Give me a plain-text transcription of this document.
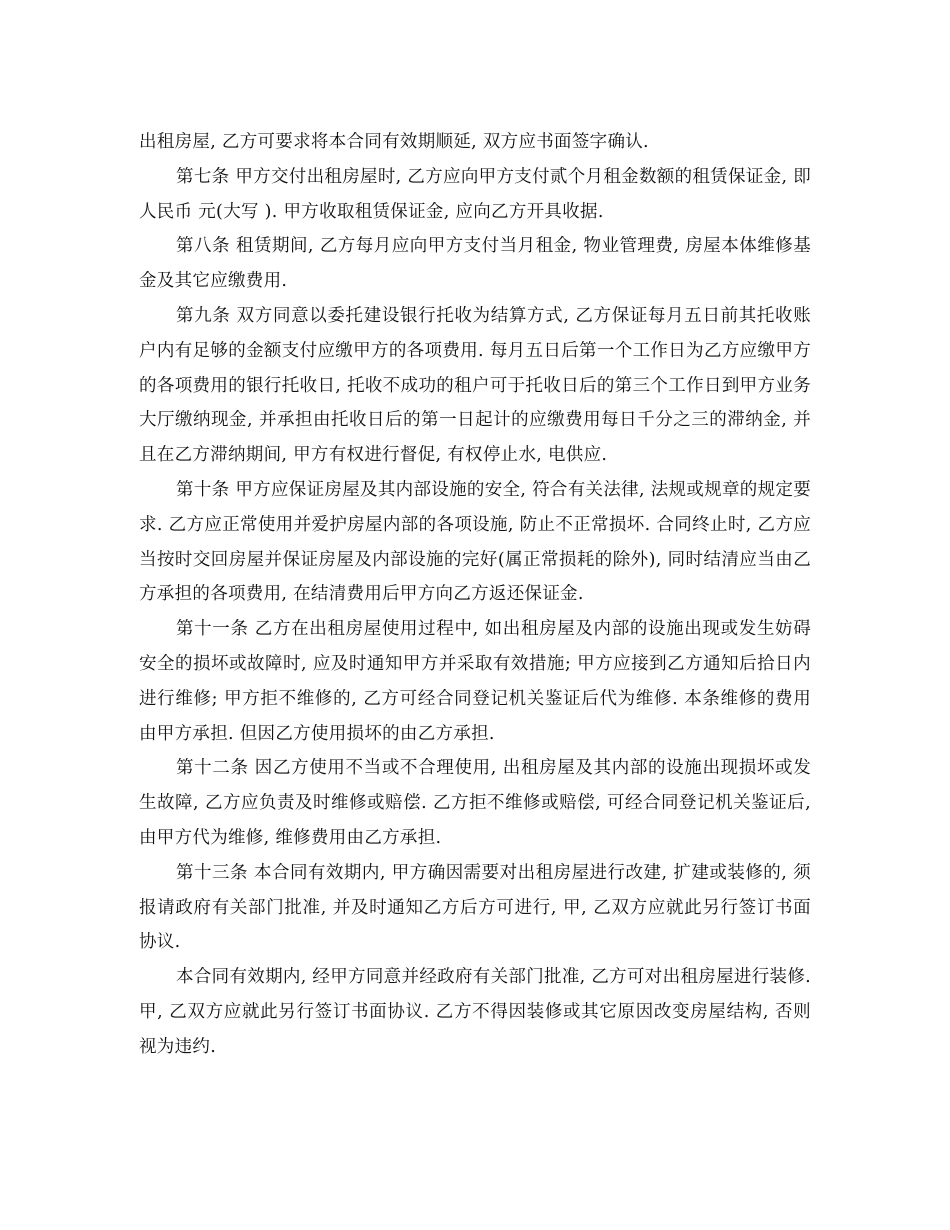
出租房屋, 乙方可要求将本合同有效期顺延, 双方应书面签字确认.

第七条 甲方交付出租房屋时, 乙方应向甲方支付贰个月租金数额的租赁保证金, 即人民币 元(大写 ). 甲方收取租赁保证金, 应向乙方开具收据.

第八条 租赁期间, 乙方每月应向甲方支付当月租金, 物业管理费, 房屋本体维修基金及其它应缴费用.

第九条 双方同意以委托建设银行托收为结算方式, 乙方保证每月五日前其托收账户内有足够的金额支付应缴甲方的各项费用. 每月五日后第一个工作日为乙方应缴甲方的各项费用的银行托收日, 托收不成功的租户可于托收日后的第三个工作日到甲方业务大厅缴纳现金, 并承担由托收日后的第一日起计的应缴费用每日千分之三的滞纳金, 并且在乙方滞纳期间, 甲方有权进行督促, 有权停止水, 电供应.

第十条 甲方应保证房屋及其内部设施的安全, 符合有关法律, 法规或规章的规定要求. 乙方应正常使用并爱护房屋内部的各项设施, 防止不正常损坏. 合同终止时, 乙方应当按时交回房屋并保证房屋及内部设施的完好(属正常损耗的除外), 同时结清应当由乙方承担的各项费用, 在结清费用后甲方向乙方返还保证金.

第十一条 乙方在出租房屋使用过程中, 如出租房屋及内部的设施出现或发生妨碍安全的损坏或故障时, 应及时通知甲方并采取有效措施; 甲方应接到乙方通知后拾日内进行维修; 甲方拒不维修的, 乙方可经合同登记机关鉴证后代为维修. 本条维修的费用由甲方承担. 但因乙方使用损坏的由乙方承担.

第十二条 因乙方使用不当或不合理使用, 出租房屋及其内部的设施出现损坏或发生故障, 乙方应负责及时维修或赔偿. 乙方拒不维修或赔偿, 可经合同登记机关鉴证后, 由甲方代为维修, 维修费用由乙方承担.

第十三条 本合同有效期内, 甲方确因需要对出租房屋进行改建, 扩建或装修的, 须报请政府有关部门批准, 并及时通知乙方后方可进行, 甲, 乙双方应就此另行签订书面协议.

本合同有效期内, 经甲方同意并经政府有关部门批准, 乙方可对出租房屋进行装修. 甲, 乙双方应就此另行签订书面协议. 乙方不得因装修或其它原因改变房屋结构, 否则视为违约.
